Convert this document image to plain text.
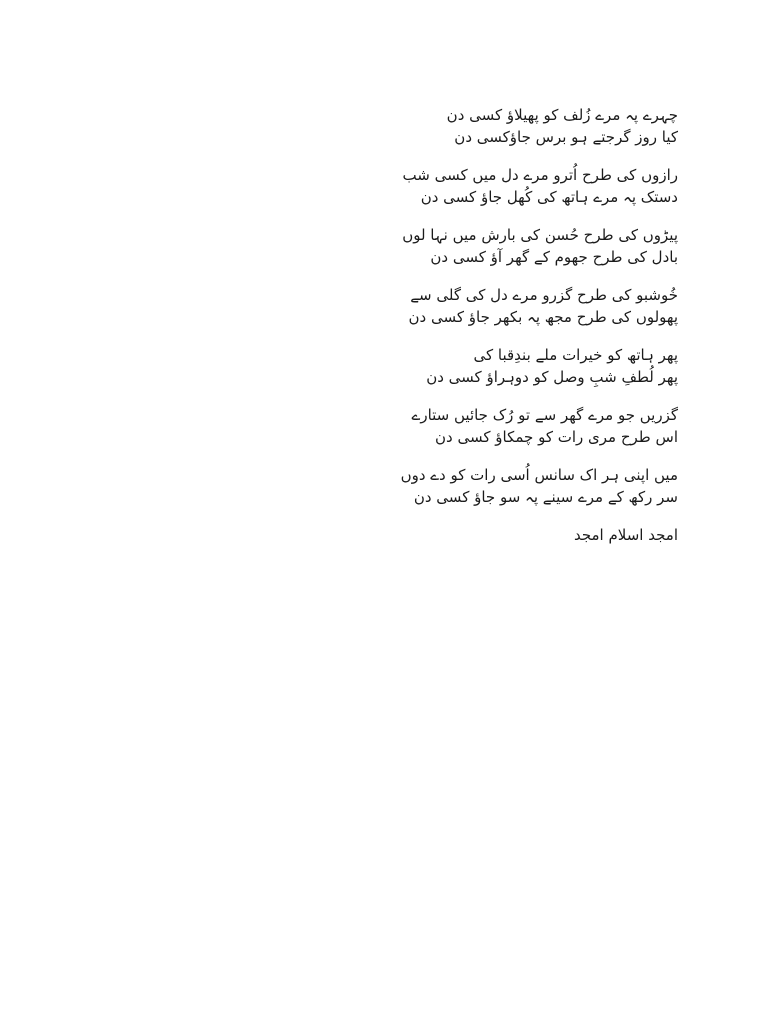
چہرے پہ مرے زُلف کو پھیلاؤ کسی دن
کیا روز گرجتے ہو برس جاؤکسی دن
رازوں کی طرح اُترو مرے دل میں کسی شب
دستک پہ مرے ہاتھ کی کُھل جاؤ کسی دن
پیڑوں کی طرح حُسن کی بارش میں نہا لوں
بادل کی طرح جھوم کے گھر آؤ کسی دن
خُوشبو کی طرح گزرو مرے دل کی گلی سے
پھولوں کی طرح مجھ پہ بکھر جاؤ کسی دن
پھر ہاتھ کو خیرات ملے بندِقبا کی
پھر لُطفِ شبِ وصل کو دوہراؤ کسی دن
گزریں جو مرے گھر سے تو رُک جائیں ستارے
اس طرح مری رات کو چمکاؤ کسی دن
میں اپنی ہر اک سانس اُسی رات کو دے دوں
سر رکھ کے مرے سینے پہ سو جاؤ کسی دن
امجد اسلام امجد
